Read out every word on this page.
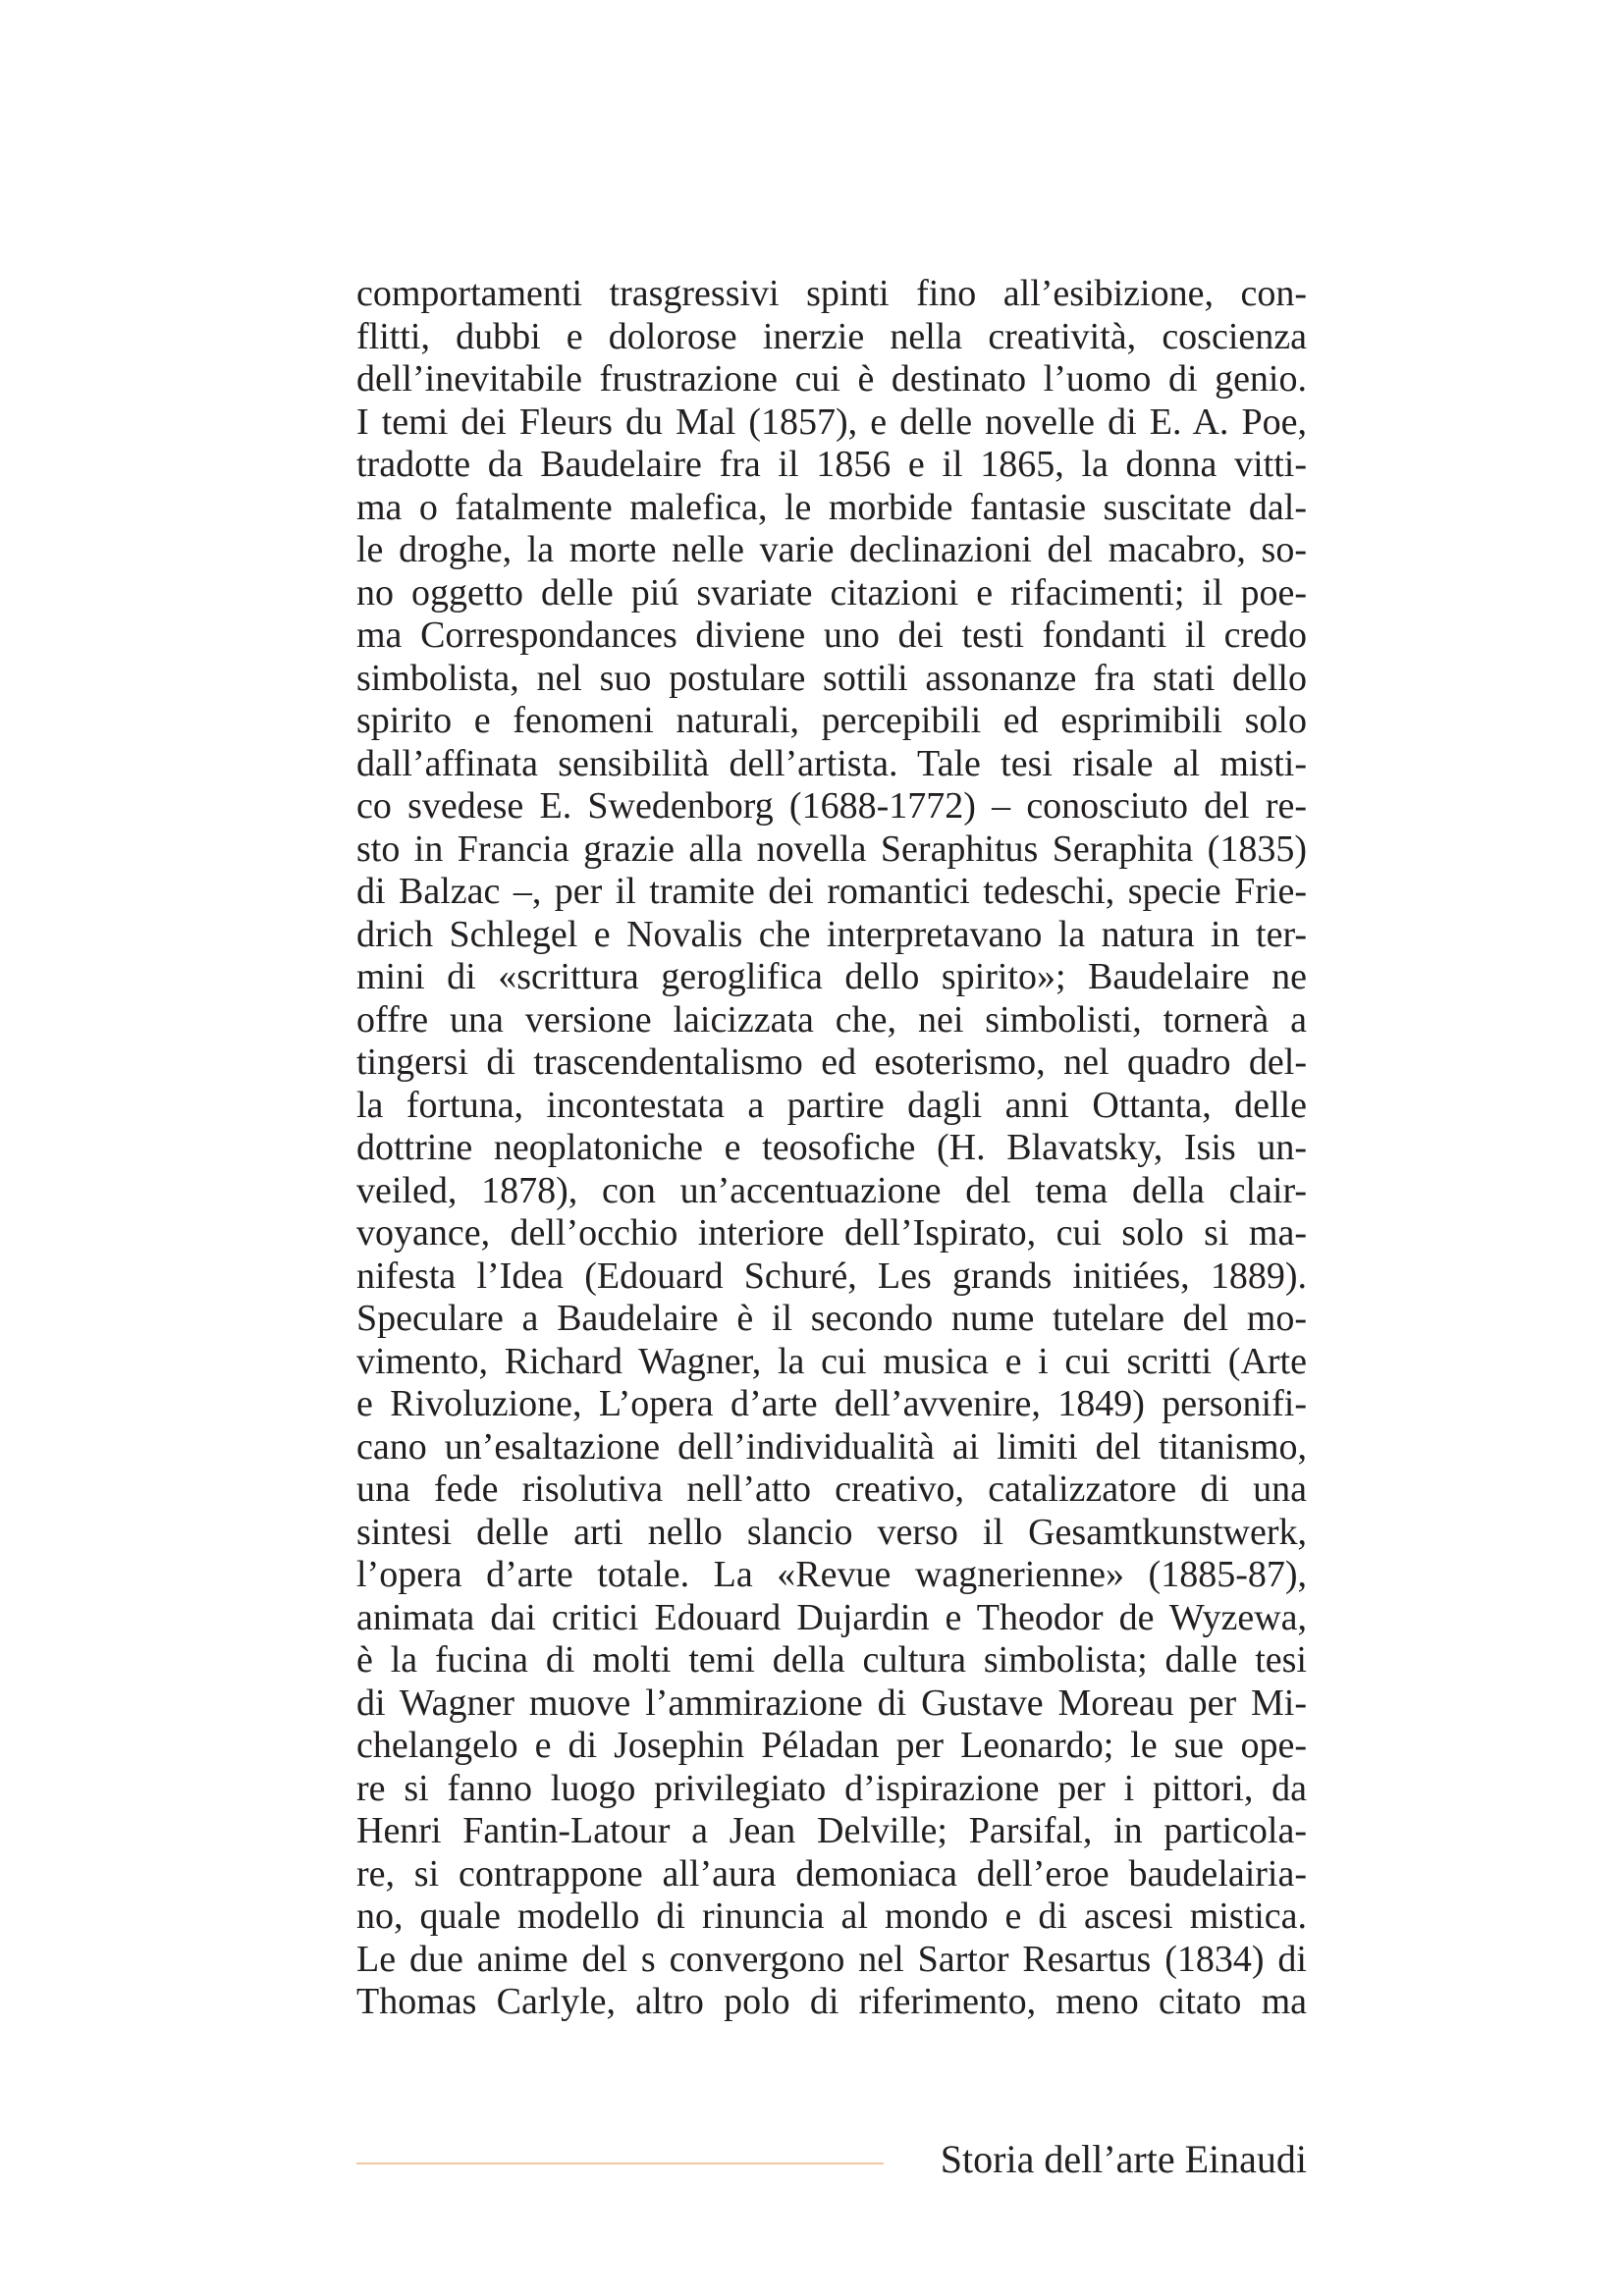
comportamenti trasgressivi spinti fino all’esibizione, con-
flitti, dubbi e dolorose inerzie nella creatività, coscienza
dell’inevitabile frustrazione cui è destinato l’uomo di genio.
I temi dei Fleurs du Mal (1857), e delle novelle di E. A. Poe,
tradotte da Baudelaire fra il 1856 e il 1865, la donna vitti-
ma o fatalmente malefica, le morbide fantasie suscitate dal-
le droghe, la morte nelle varie declinazioni del macabro, so-
no oggetto delle piú svariate citazioni e rifacimenti; il poe-
ma Correspondances diviene uno dei testi fondanti il credo
simbolista, nel suo postulare sottili assonanze fra stati dello
spirito e fenomeni naturali, percepibili ed esprimibili solo
dall’affinata sensibilità dell’artista. Tale tesi risale al misti-
co svedese E. Swedenborg (1688-1772) – conosciuto del re-
sto in Francia grazie alla novella Seraphitus Seraphita (1835)
di Balzac –, per il tramite dei romantici tedeschi, specie Frie-
drich Schlegel e Novalis che interpretavano la natura in ter-
mini di «scrittura geroglifica dello spirito»; Baudelaire ne
offre una versione laicizzata che, nei simbolisti, tornerà a
tingersi di trascendentalismo ed esoterismo, nel quadro del-
la fortuna, incontestata a partire dagli anni Ottanta, delle
dottrine neoplatoniche e teosofiche (H. Blavatsky, Isis un-
veiled, 1878), con un’accentuazione del tema della clair-
voyance, dell’occhio interiore dell’Ispirato, cui solo si ma-
nifesta l’Idea (Edouard Schuré, Les grands initiées, 1889).
Speculare a Baudelaire è il secondo nume tutelare del mo-
vimento, Richard Wagner, la cui musica e i cui scritti (Arte
e Rivoluzione, L’opera d’arte dell’avvenire, 1849) personifi-
cano un’esaltazione dell’individualità ai limiti del titanismo,
una fede risolutiva nell’atto creativo, catalizzatore di una
sintesi delle arti nello slancio verso il Gesamtkunstwerk,
l’opera d’arte totale. La «Revue wagnerienne» (1885-87),
animata dai critici Edouard Dujardin e Theodor de Wyzewa,
è la fucina di molti temi della cultura simbolista; dalle tesi
di Wagner muove l’ammirazione di Gustave Moreau per Mi-
chelangelo e di Josephin Péladan per Leonardo; le sue ope-
re si fanno luogo privilegiato d’ispirazione per i pittori, da
Henri Fantin-Latour a Jean Delville; Parsifal, in particola-
re, si contrappone all’aura demoniaca dell’eroe baudelairia-
no, quale modello di rinuncia al mondo e di ascesi mistica.
Le due anime del s convergono nel Sartor Resartus (1834) di
Thomas Carlyle, altro polo di riferimento, meno citato ma
Storia dell’arte Einaudi
